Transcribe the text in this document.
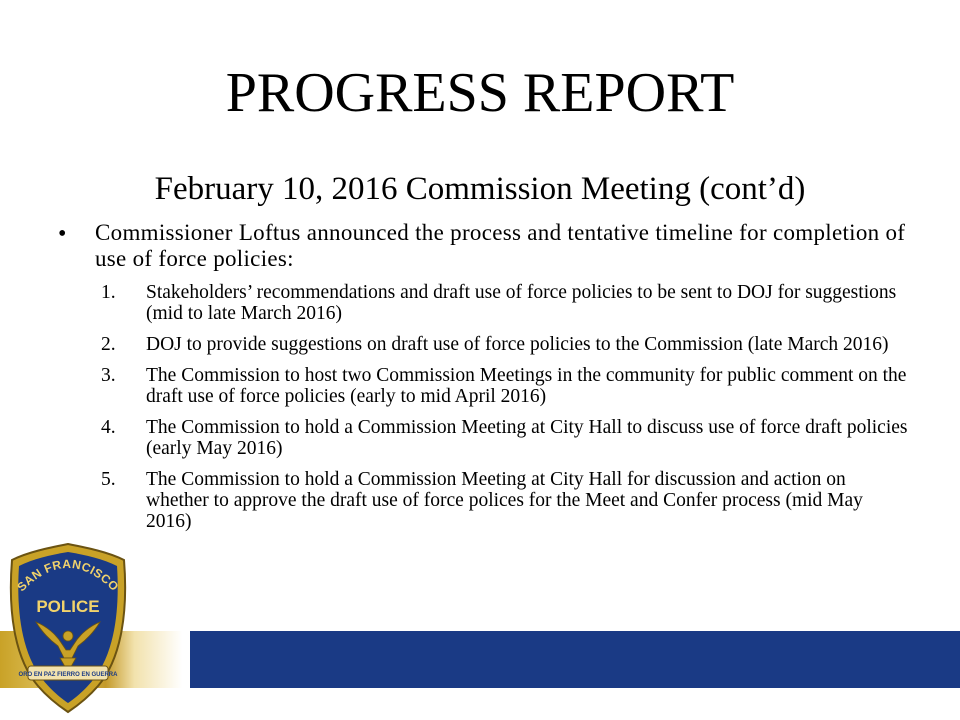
PROGRESS REPORT
February 10, 2016 Commission Meeting (cont’d)
• Commissioner Loftus announced the process and tentative timeline for completion of use of force policies:
1. Stakeholders’ recommendations and draft use of force policies to be sent to DOJ for suggestions (mid to late March 2016)
2. DOJ to provide suggestions on draft use of force policies to the Commission (late March 2016)
3. The Commission to host two Commission Meetings in the community for public comment on the draft use of force policies (early to mid April 2016)
4. The Commission to hold a Commission Meeting at City Hall to discuss use of force draft policies (early May 2016)
5. The Commission to hold a Commission Meeting at City Hall for discussion and action on whether to approve the draft use of force polices for the Meet and Confer process (mid May 2016)
SAN FRANCISCO
POLICE
ORO EN PAZ FIERRO EN GUERRA
